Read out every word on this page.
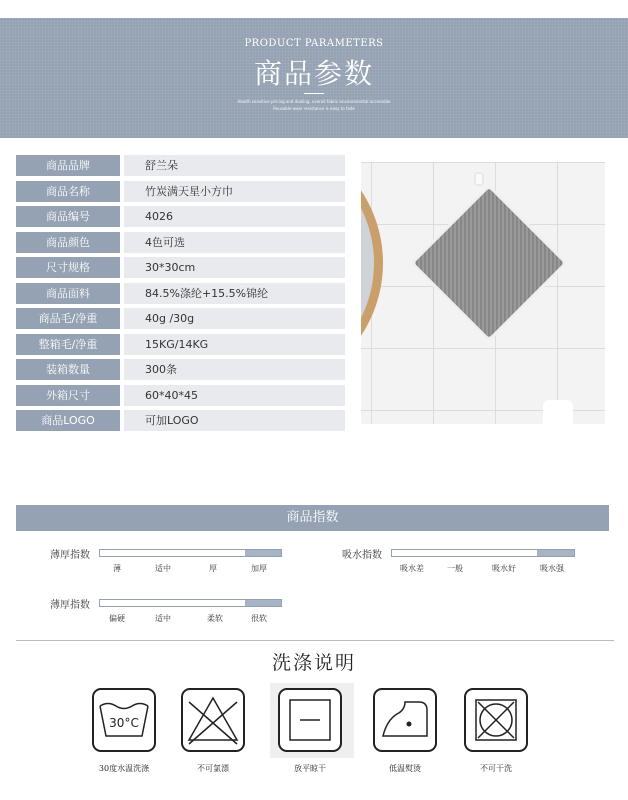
PRODUCT PARAMETERS
商品参数
Health sensitive pricing and dealing, overall fabric environmental accessible
Reusable wear resistance is easy to fade
商品品牌	舒兰朵
商品名称	竹炭满天星小方巾
商品编号	4026
商品颜色	4色可选
尺寸规格	30*30cm
商品面料	84.5%涤纶+15.5%锦纶
商品毛/净重	40g /30g
整箱毛/净重	15KG/14KG
装箱数量	300条
外箱尺寸	60*40*45
商品LOGO	可加LOGO
商品指数
薄厚指数
薄	适中	厚	加厚
吸水指数
吸水差	一般	吸水好	吸水强
薄厚指数
偏硬	适中	柔软	很软
洗涤说明
30°C
30度水温洗涤	不可氯漂	放平晾干	低温熨烫	不可干洗
